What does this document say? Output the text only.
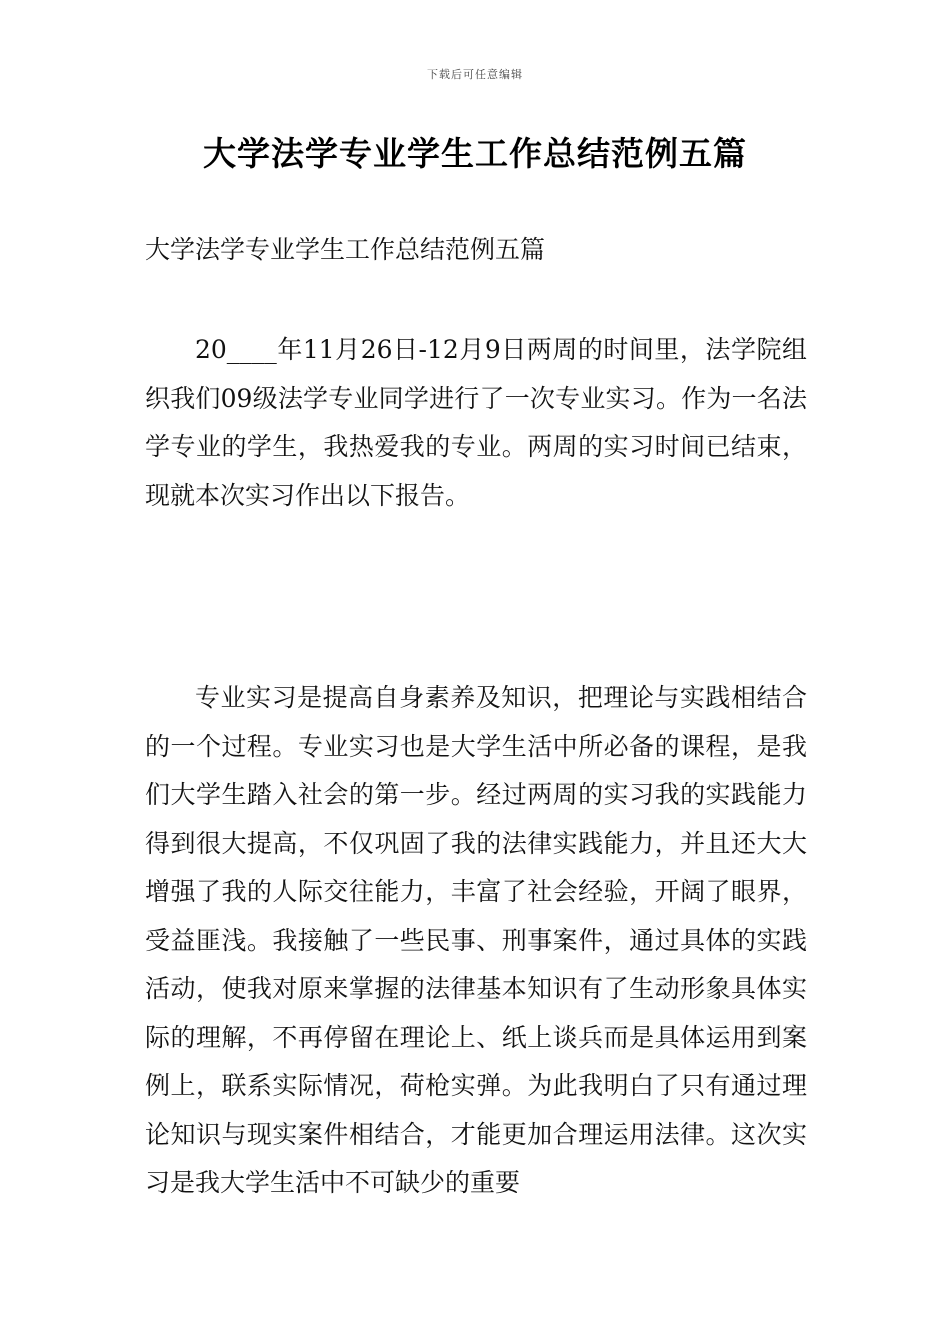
下载后可任意编辑
大学法学专业学生工作总结范例五篇

大学法学专业学生工作总结范例五篇

20____年11月26日-12月9日两周的时间里，法学院组织我们09级法学专业同学进行了一次专业实习。作为一名法学专业的学生，我热爱我的专业。两周的实习时间已结束，现就本次实习作出以下报告。

专业实习是提高自身素养及知识，把理论与实践相结合的一个过程。专业实习也是大学生活中所必备的课程，是我们大学生踏入社会的第一步。经过两周的实习我的实践能力得到很大提高，不仅巩固了我的法律实践能力，并且还大大增强了我的人际交往能力，丰富了社会经验，开阔了眼界，受益匪浅。我接触了一些民事、刑事案件，通过具体的实践活动，使我对原来掌握的法律基本知识有了生动形象具体实际的理解，不再停留在理论上、纸上谈兵而是具体运用到案例上，联系实际情况，荷枪实弹。为此我明白了只有通过理论知识与现实案件相结合，才能更加合理运用法律。这次实习是我大学生活中不可缺少的重要
